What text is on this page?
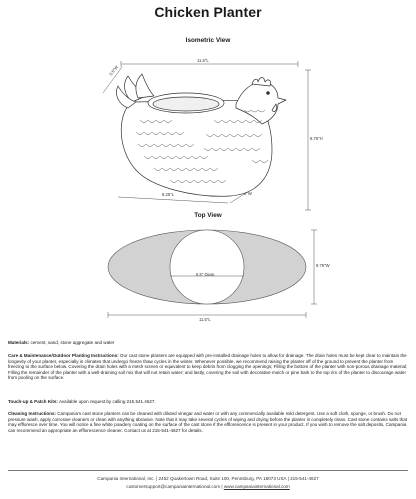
Chicken Planter
Isometric View
11.5"L
5.5"W
8.75"H
8.25"L	8"W
Top View
5.5" Diam.
9.75"W
11.5"L
Materials: cement, sand, stone aggregate and water
Care & Maintenance/Outdoor Planting Instructions: Our cast stone planters are equipped with pre-installed drainage holes to allow for drainage. The drain holes must be kept clear to maintain the longevity of your planter, especially in climates that undergo freeze thaw cycles in the winter. Whenever possible, we recommend raising the planter off of the ground to prevent the planter from freezing to the surface below. Covering the drain holes with a mesh screen or equivalent to keep debris from clogging the openings; Filling the bottom of the planter with non-porous drainage material; Filling the remainder of the planter with a well-draining soil mix that will not retain water; and lastly, covering the soil with decorative mulch or pine bark to the top rim of the planter to discourage water from pooling on the surface.
Touch-up & Patch Kits: Available upon request by calling 215.541.4627.
Cleaning Instructions: Campania's cast stone planters can be cleaned with diluted vinegar and water or with any commercially available mild detergent. Use a soft cloth, sponge, or brush. Do not pressure wash, apply corrosive cleaners or clean with anything abrasive. Note that it may take several cycles of wiping and drying before the planter is completely clean. Cast stone contains salts that may effloresce over time. You will notice a fine white powdery coating on the surface of the cast stone if the efflorescence is present in your product. If you wish to remove the salt deposits, Campania can recommend an appropriate an efflorescence cleaner. Contact us at 215-541-4627 for details.
Campania International, Inc. | 2452 Quakertown Road, Suite 100, Pennsburg, PA 18073 USA | 215-541-4627
customersupport@campaniainternational.com | www.campaniainternational.com
